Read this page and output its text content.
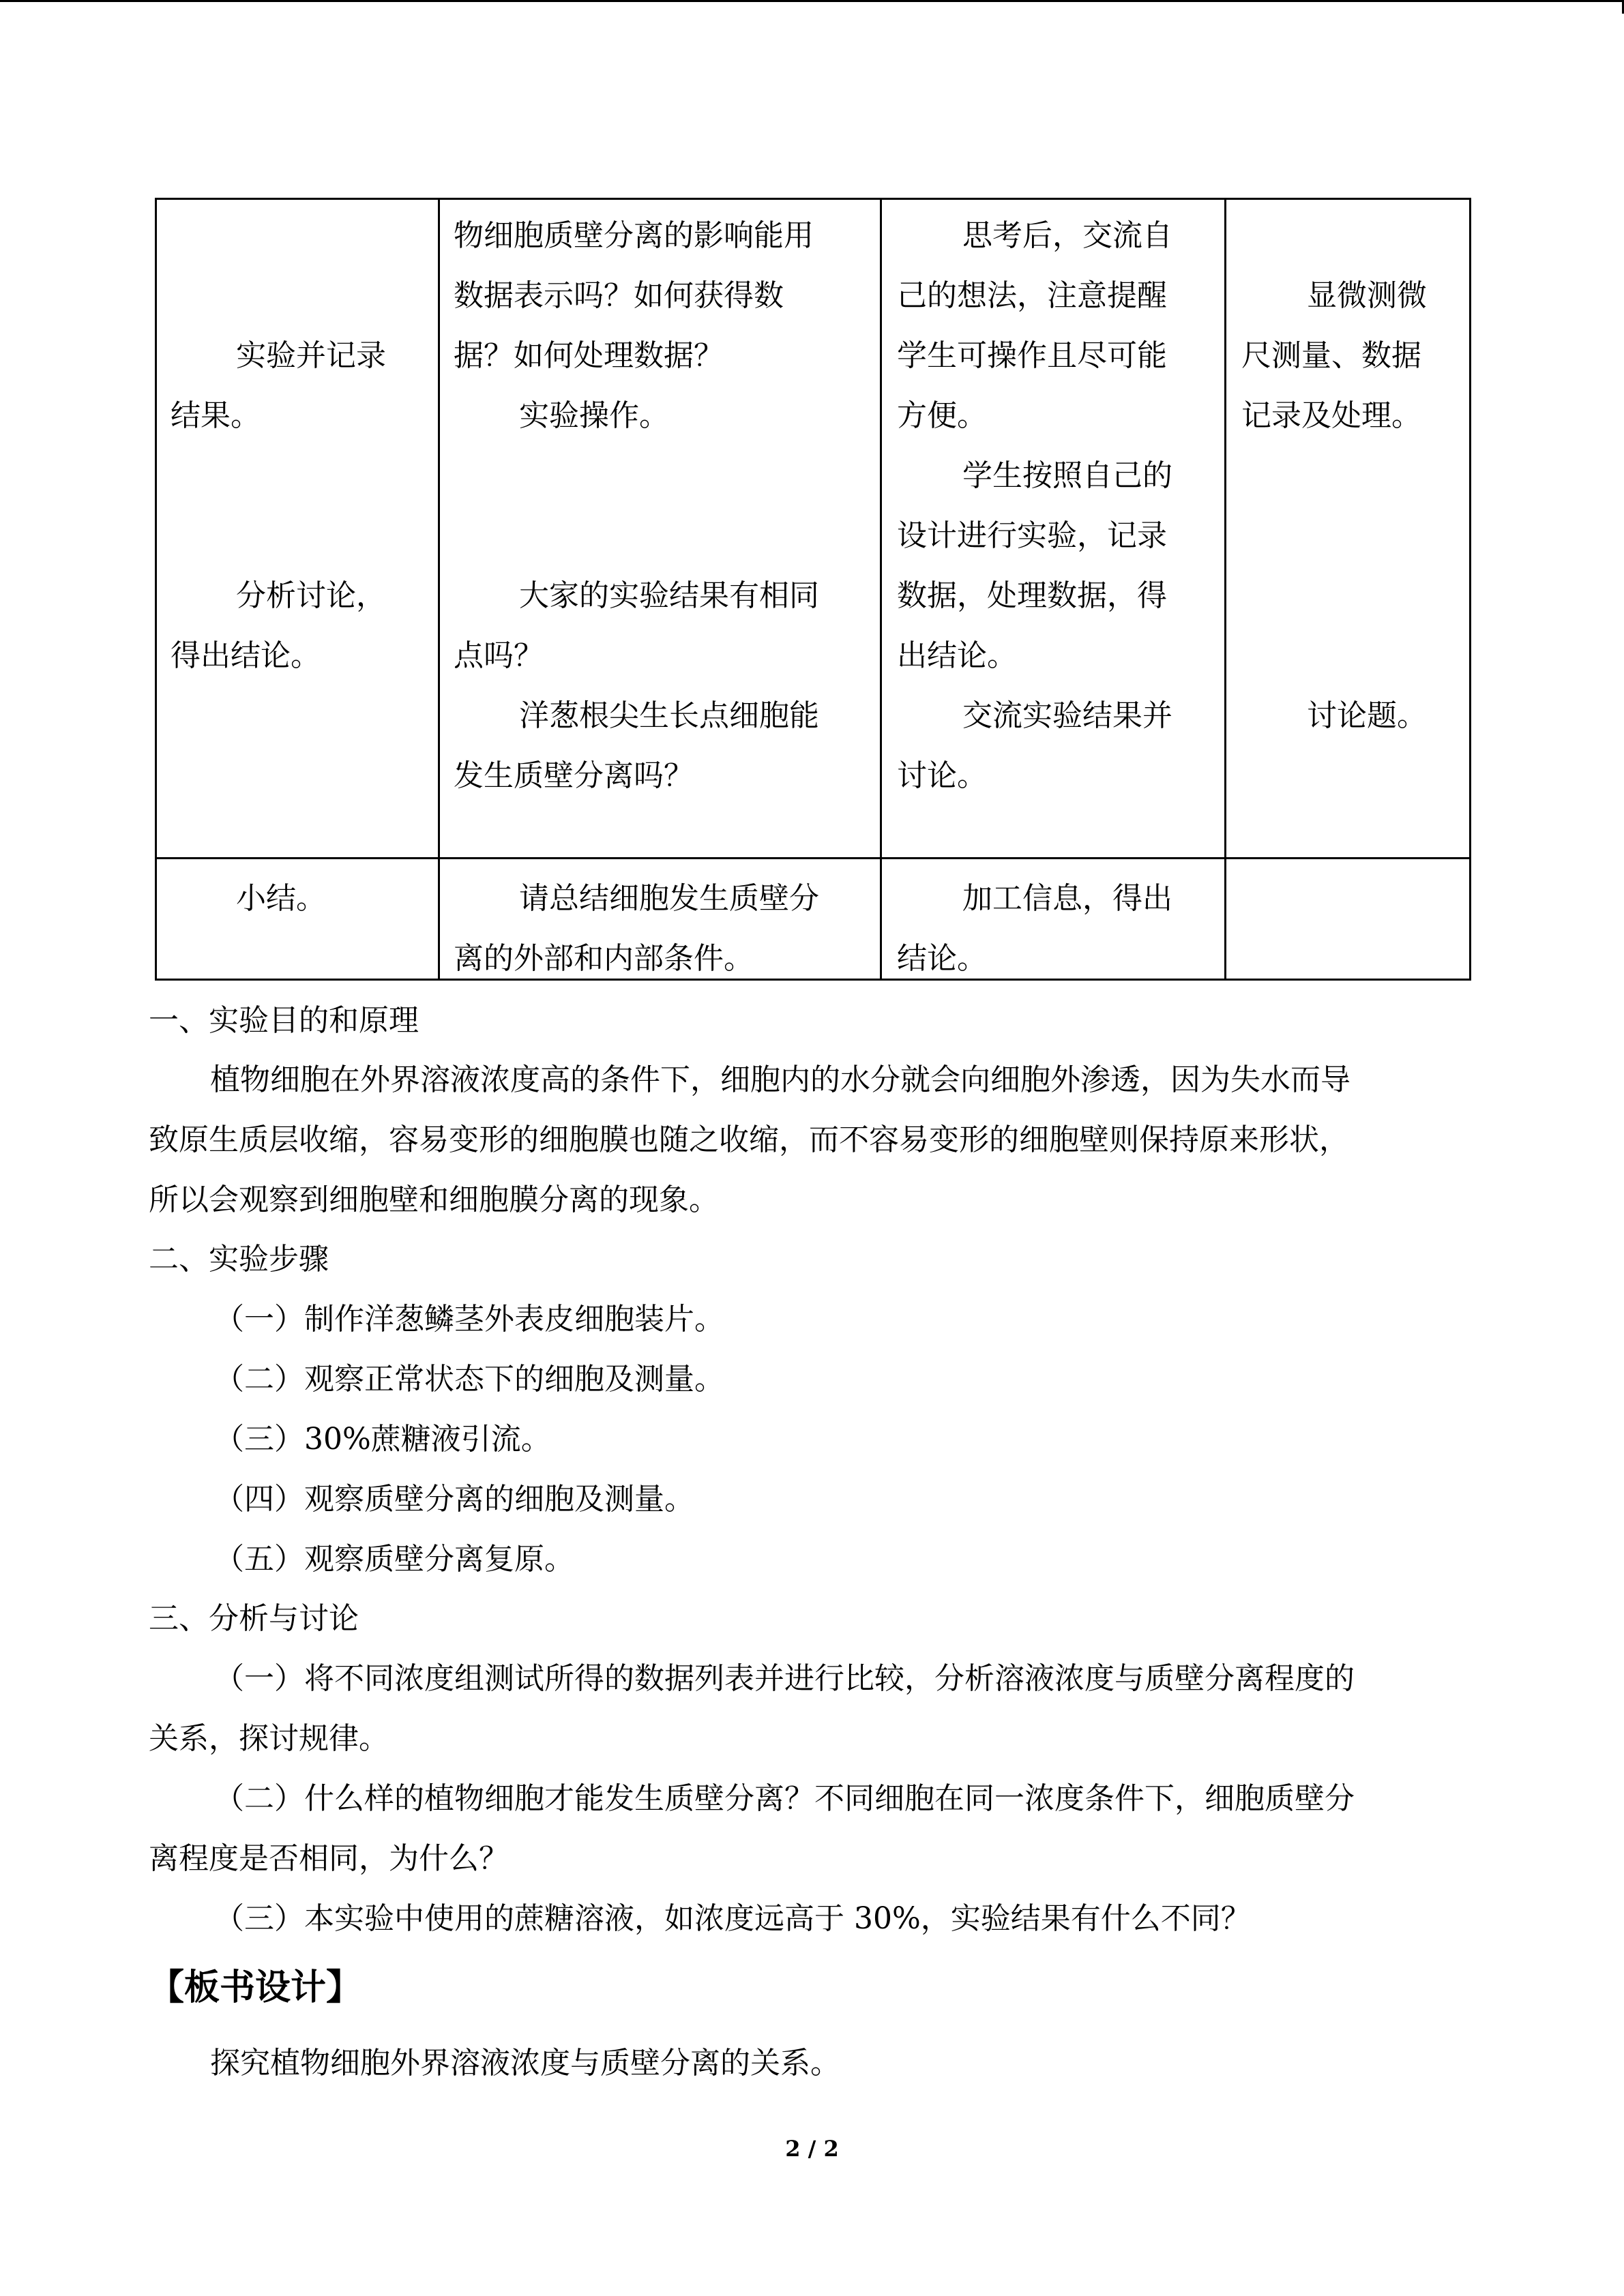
实验并记录

结果。

分析讨论，

得出结论。

物细胞质壁分离的影响能用

数据表示吗？如何获得数

据？如何处理数据？

实验操作。

大家的实验结果有相同

点吗？

洋葱根尖生长点细胞能

发生质壁分离吗？

思考后，交流自

己的想法，注意提醒

学生可操作且尽可能

方便。

学生按照自己的

设计进行实验，记录

数据，处理数据，得

出结论。

交流实验结果并

讨论。

显微测微

尺测量、数据

记录及处理。

讨论题。

小结。	请总结细胞发生质壁分

离的外部和内部条件。

加工信息，得出

结论。

一、实验目的和原理
植物细胞在外界溶液浓度高的条件下，细胞内的水分就会向细胞外渗透，因为失水而导
致原生质层收缩，容易变形的细胞膜也随之收缩，而不容易变形的细胞壁则保持原来形状，
所以会观察到细胞壁和细胞膜分离的现象。
二、实验步骤
（一）制作洋葱鳞茎外表皮细胞装片。
（二）观察正常状态下的细胞及测量。
（三）30%蔗糖液引流。
（四）观察质壁分离的细胞及测量。
（五）观察质壁分离复原。
三、分析与讨论
（一）将不同浓度组测试所得的数据列表并进行比较，分析溶液浓度与质壁分离程度的
关系，探讨规律。
（二）什么样的植物细胞才能发生质壁分离？不同细胞在同一浓度条件下，细胞质壁分
离程度是否相同，为什么？
（三）本实验中使用的蔗糖溶液，如浓度远高于 30%，实验结果有什么不同？
【板书设计】
探究植物细胞外界溶液浓度与质壁分离的关系。
2 / 2
